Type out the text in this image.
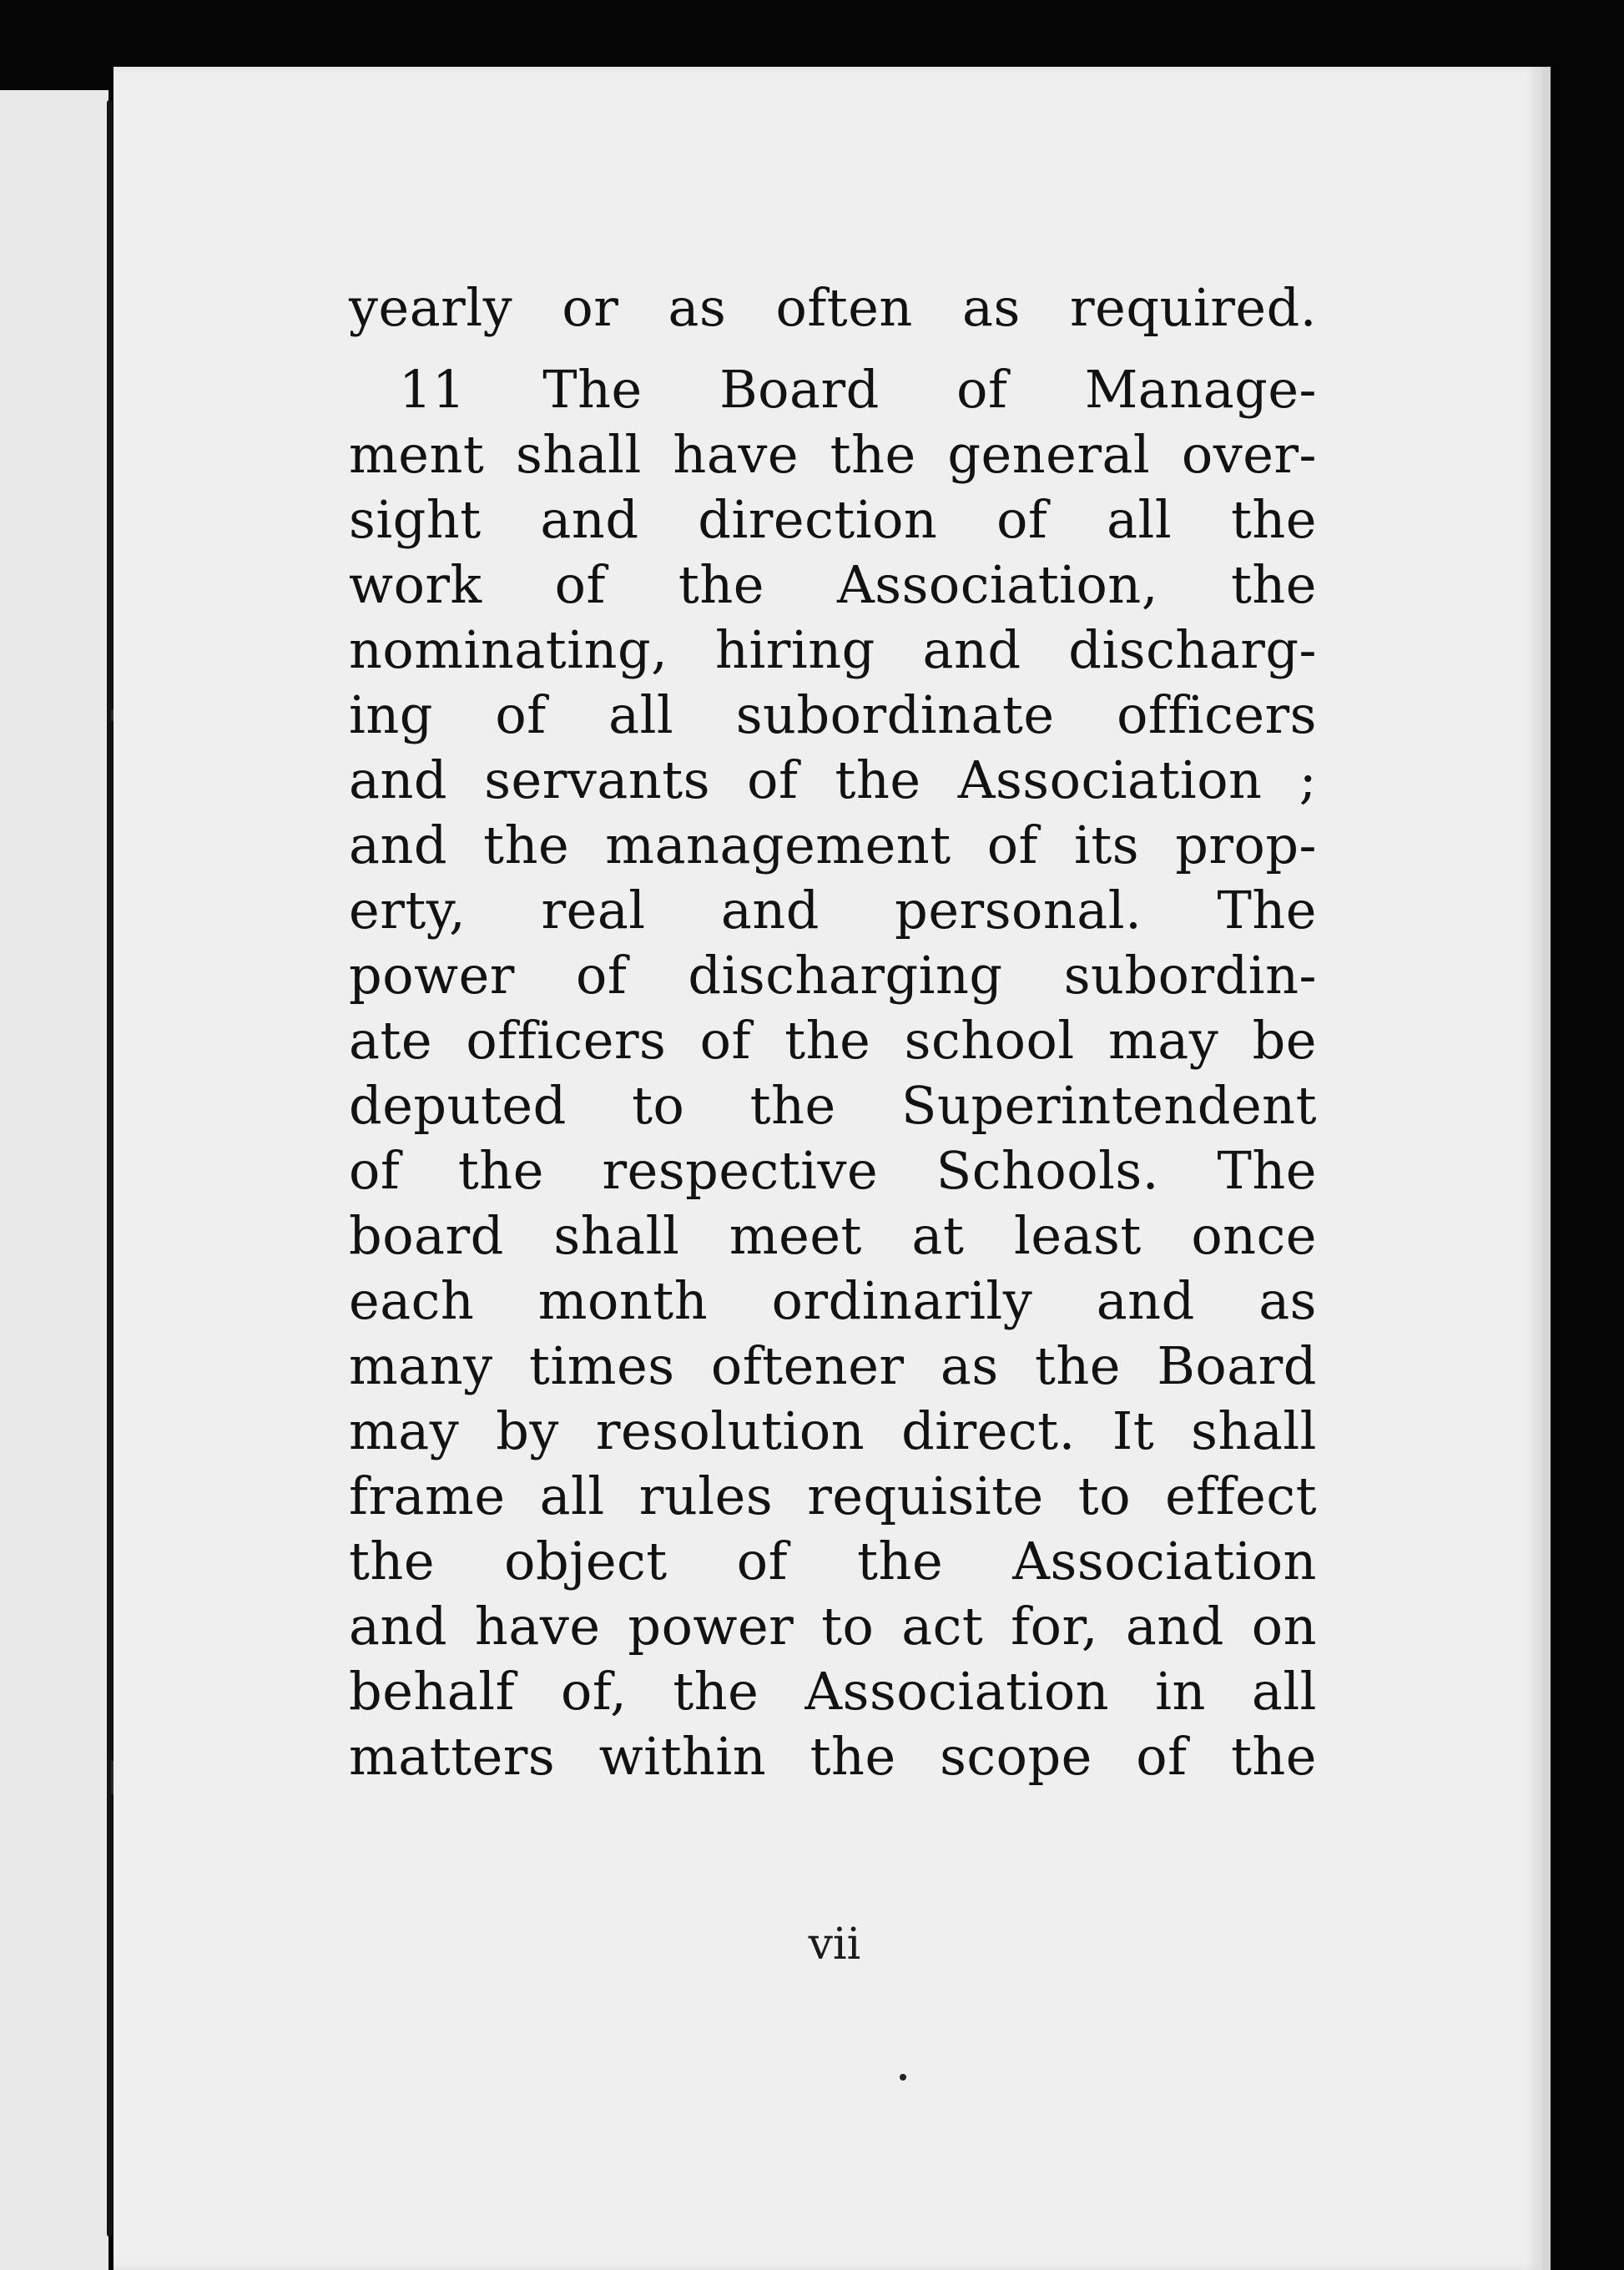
yearly or as often as required.
11 The Board of Manage-
ment shall have the general over-
sight and direction of all the
work of the Association, the
nominating, hiring and discharg-
ing of all subordinate officers
and servants of the Association ;
and the management of its prop-
erty, real and personal. The
power of discharging subordin-
ate officers of the school may be
deputed to the Superintendent
of the respective Schools. The
board shall meet at least once
each month ordinarily and as
many times oftener as the Board
may by resolution direct. It shall
frame all rules requisite to effect
the object of the Association
and have power to act for, and on
behalf of, the Association in all
matters within the scope of the
vii
